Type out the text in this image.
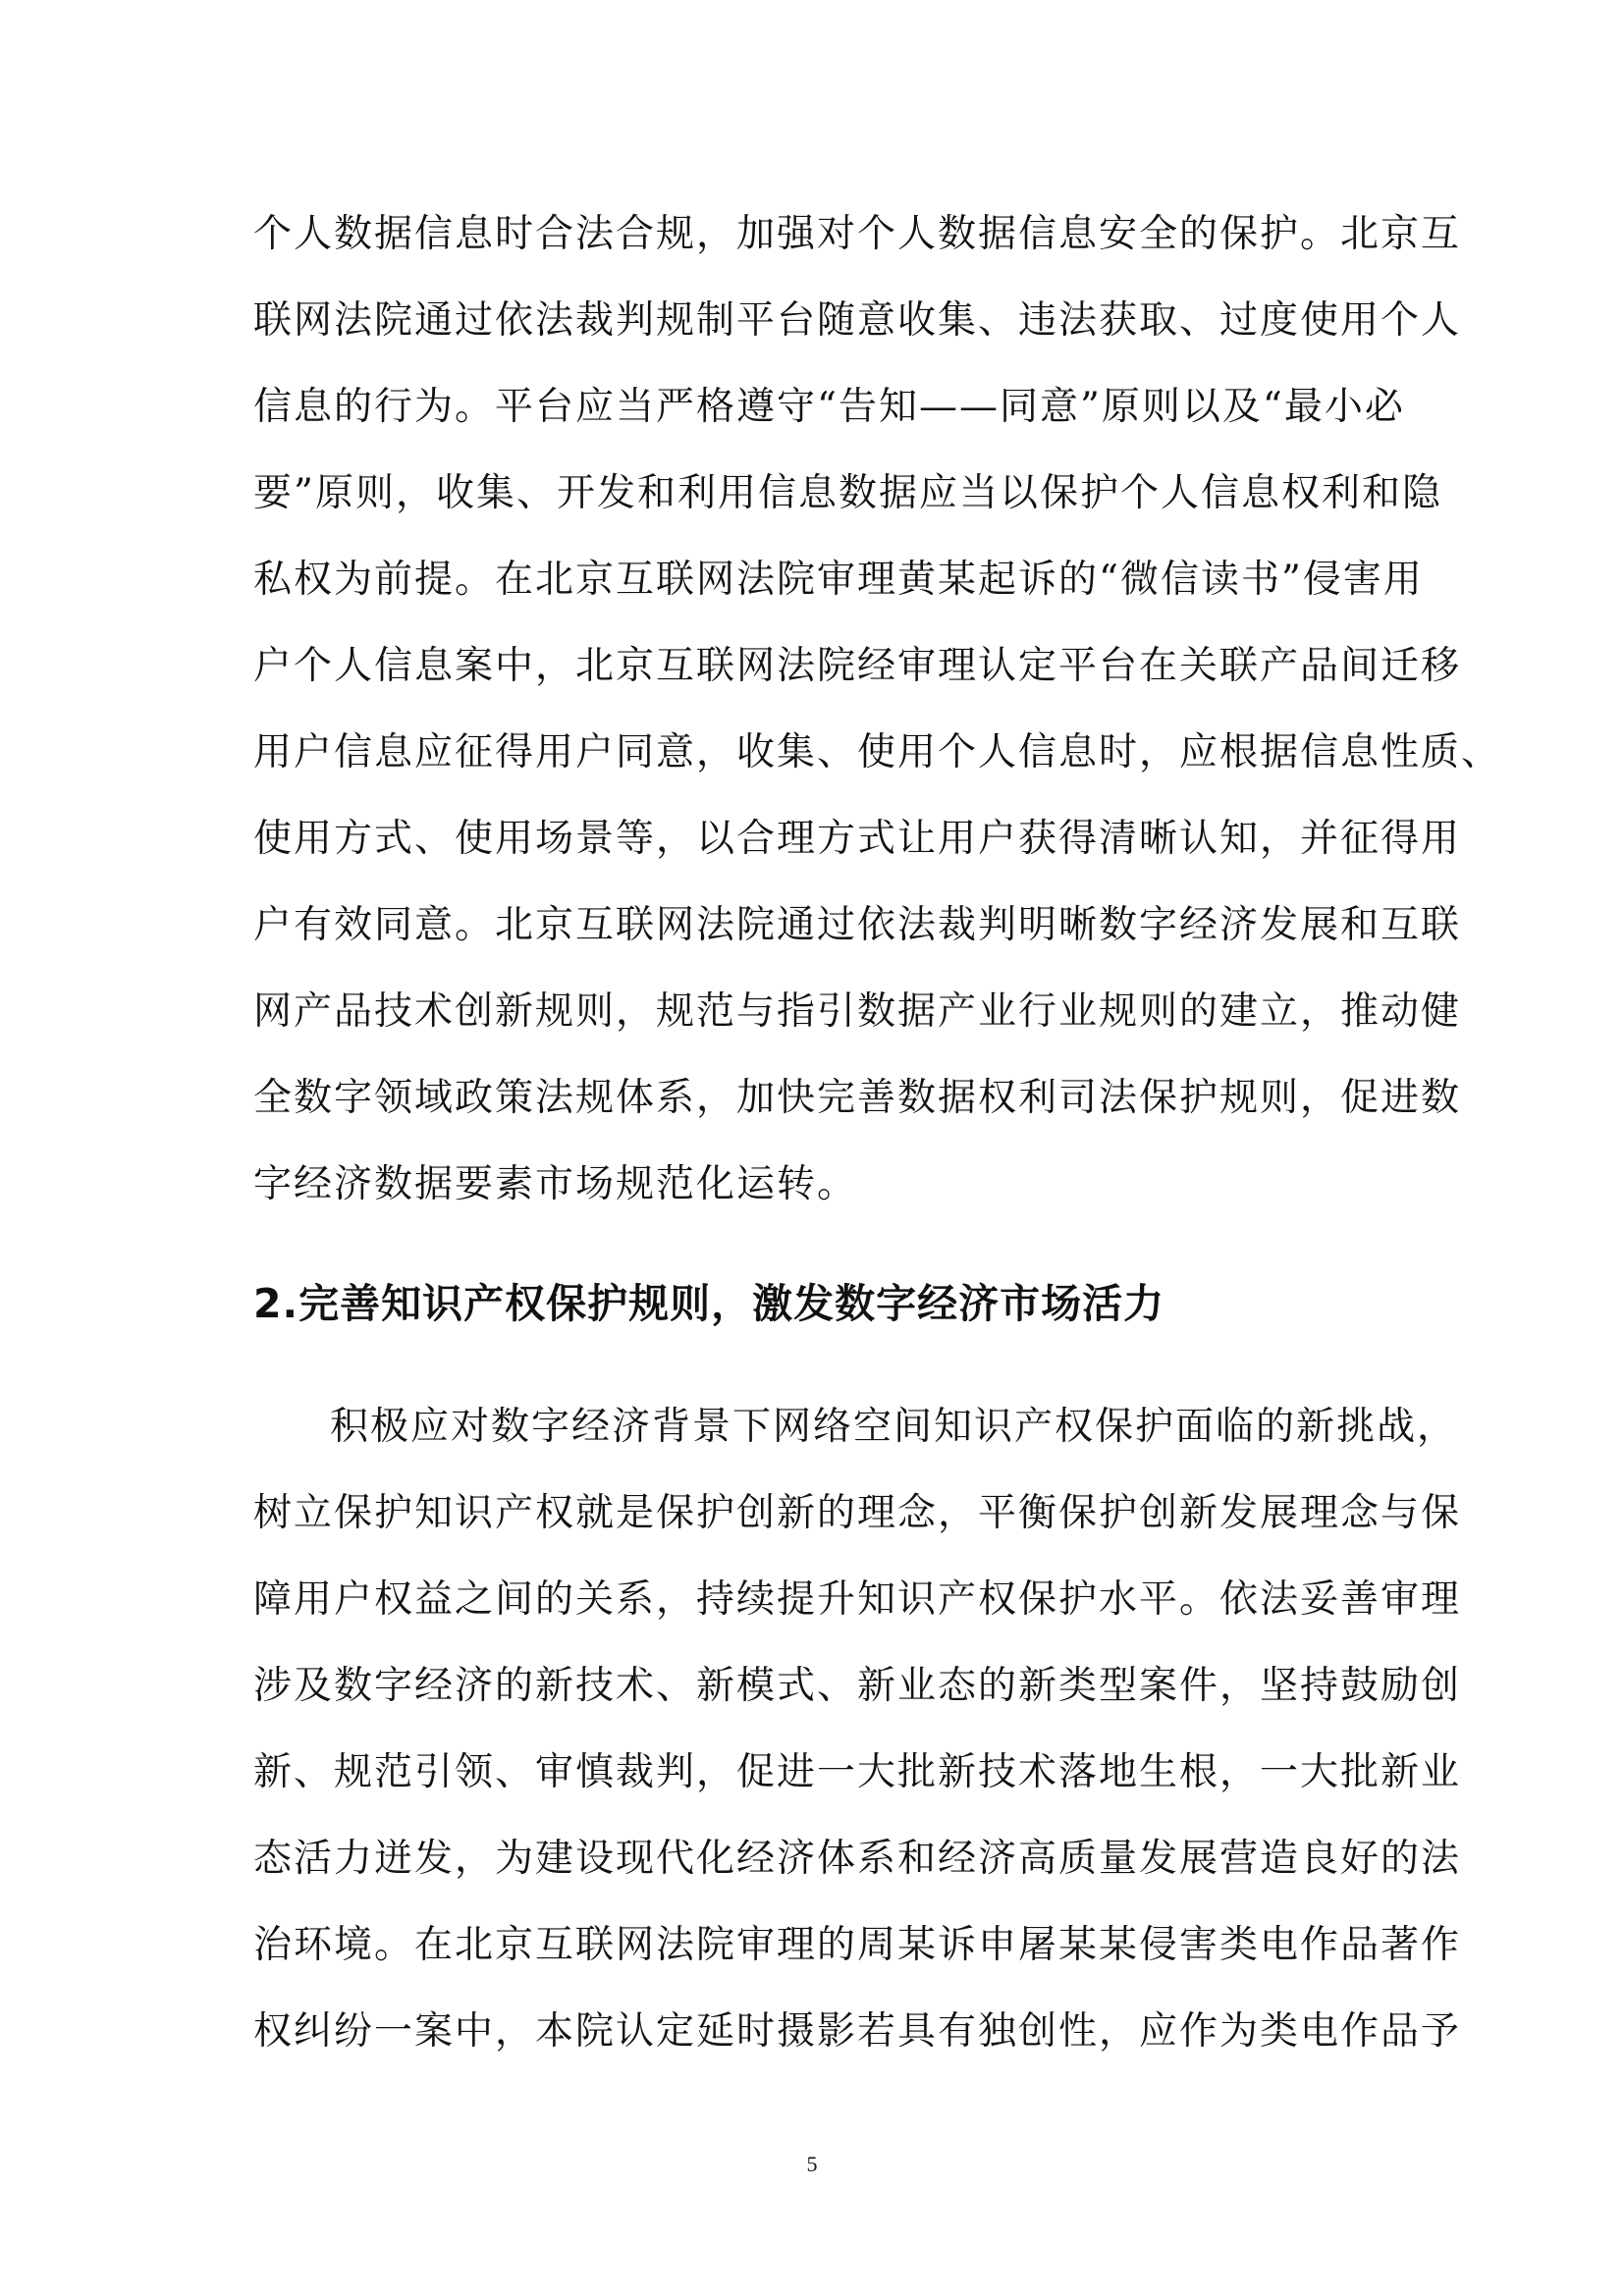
个人数据信息时合法合规，加强对个人数据信息安全的保护。北京互
联网法院通过依法裁判规制平台随意收集、违法获取、过度使用个人
信息的行为。平台应当严格遵守“告知——同意”原则以及“最小必
要”原则，收集、开发和利用信息数据应当以保护个人信息权利和隐
私权为前提。在北京互联网法院审理黄某起诉的“微信读书”侵害用
户个人信息案中，北京互联网法院经审理认定平台在关联产品间迁移
用户信息应征得用户同意，收集、使用个人信息时，应根据信息性质、
使用方式、使用场景等，以合理方式让用户获得清晰认知，并征得用
户有效同意。北京互联网法院通过依法裁判明晰数字经济发展和互联
网产品技术创新规则，规范与指引数据产业行业规则的建立，推动健
全数字领域政策法规体系，加快完善数据权利司法保护规则，促进数
字经济数据要素市场规范化运转。
2.完善知识产权保护规则，激发数字经济市场活力
积极应对数字经济背景下网络空间知识产权保护面临的新挑战，
树立保护知识产权就是保护创新的理念，平衡保护创新发展理念与保
障用户权益之间的关系，持续提升知识产权保护水平。依法妥善审理
涉及数字经济的新技术、新模式、新业态的新类型案件，坚持鼓励创
新、规范引领、审慎裁判，促进一大批新技术落地生根，一大批新业
态活力迸发，为建设现代化经济体系和经济高质量发展营造良好的法
治环境。在北京互联网法院审理的周某诉申屠某某侵害类电作品著作
权纠纷一案中，本院认定延时摄影若具有独创性，应作为类电作品予
5
